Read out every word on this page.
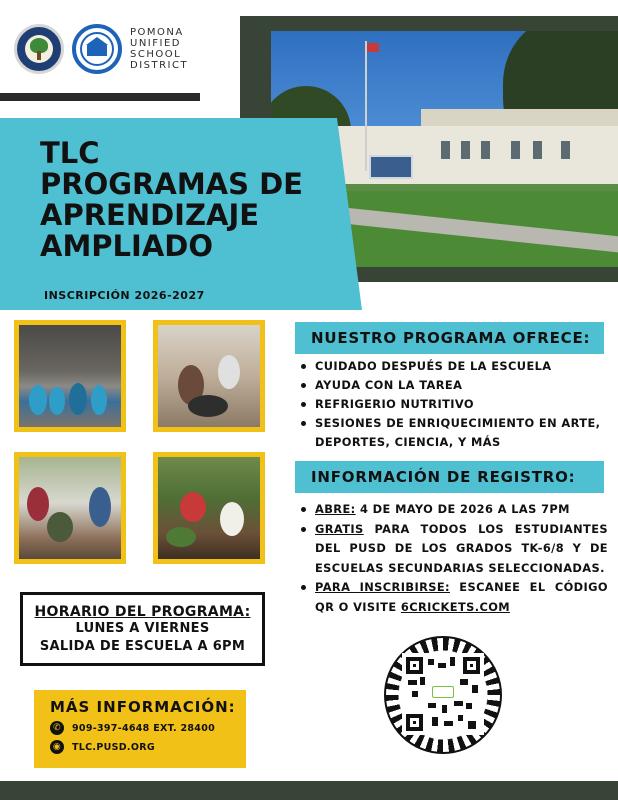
POMONA
UNIFIED
SCHOOL
DISTRICT
TLC
PROGRAMAS DE
APRENDIZAJE
AMPLIADO
INSCRIPCIÓN 2026-2027
NUESTRO PROGRAMA OFRECE:
CUIDADO DESPUÉS DE LA ESCUELA
AYUDA CON LA TAREA
REFRIGERIO NUTRITIVO
SESIONES DE ENRIQUECIMIENTO EN ARTE, DEPORTES, CIENCIA, Y MÁS
INFORMACIÓN DE REGISTRO:
ABRE: 4 DE MAYO DE 2026 A LAS 7PM
GRATIS PARA TODOS LOS ESTUDIANTES DEL PUSD DE LOS GRADOS TK-6/8 Y DE ESCUELAS SECUNDARIAS SELECCIONADAS.
PARA INSCRIBIRSE: ESCANEE EL CÓDIGO QR O VISITE 6CRICKETS.COM
HORARIO DEL PROGRAMA:
LUNES A VIERNES
SALIDA DE ESCUELA A 6PM
MÁS INFORMACIÓN:
✆	909-397-4648 EXT. 28400
◉	TLC.PUSD.ORG
